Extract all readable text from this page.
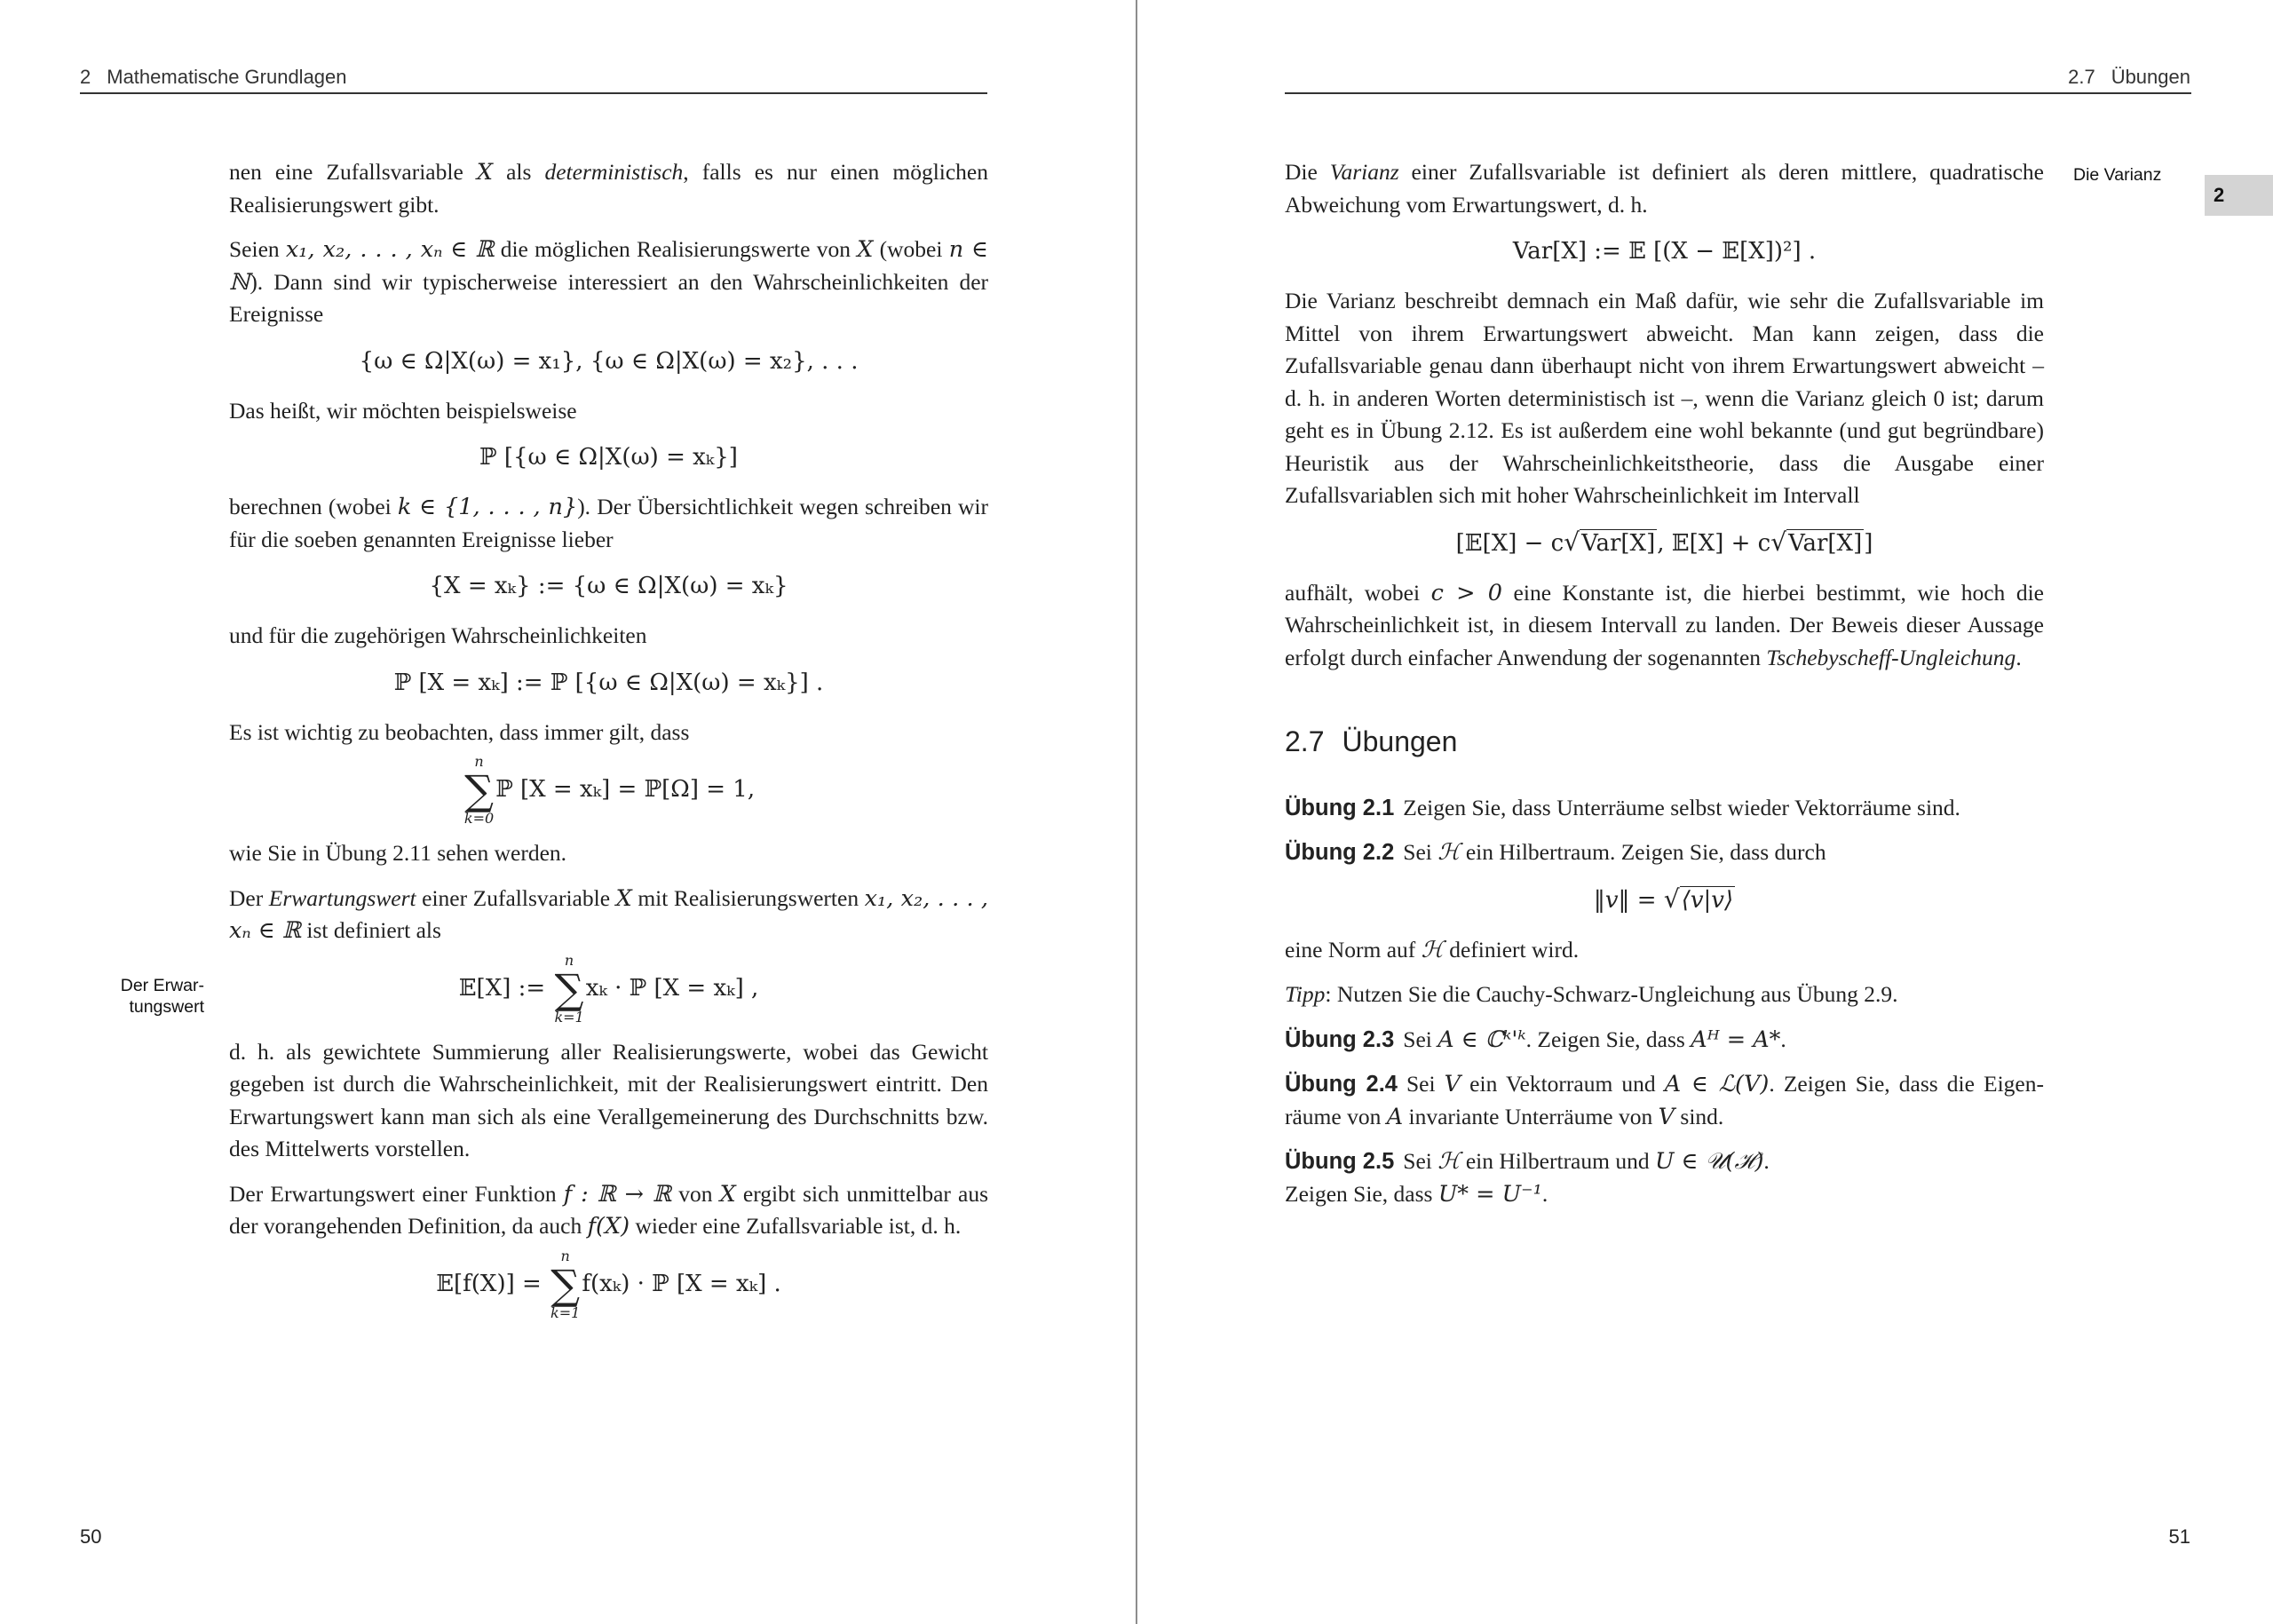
2 Mathematische Grundlagen
Der Erwar-
tungswert

nen eine Zufallsvariable X als deterministisch, falls es nur einen möglichen Realisierungswert gibt.

Seien x₁, x₂, . . . , xₙ ∈ ℝ die möglichen Realisierungswerte von X (wobei n ∈ ℕ). Dann sind wir typischerweise interessiert an den Wahrscheinlichkeiten der Ereignisse

{ω ∈ Ω|X(ω) = x₁}, {ω ∈ Ω|X(ω) = x₂}, . . .

Das heißt, wir möchten beispielsweise

ℙ [{ω ∈ Ω|X(ω) = xₖ}]

berechnen (wobei k ∈ {1, . . . , n}). Der Übersichtlichkeit wegen schreiben wir für die soeben genannten Ereignisse lieber

{X = xₖ} := {ω ∈ Ω|X(ω) = xₖ}

und für die zugehörigen Wahrscheinlichkeiten

ℙ [X = xₖ] := ℙ [{ω ∈ Ω|X(ω) = xₖ}] .

Es ist wichtig zu beobachten, dass immer gilt, dass

n
∑
k=0
ℙ [X = xₖ] = ℙ[Ω] = 1,

wie Sie in Übung 2.11 sehen werden.

Der Erwartungswert einer Zufallsvariable X mit Realisierungswerten x₁, x₂, . . . , xₙ ∈ ℝ ist definiert als

𝔼[X] :=
n
∑
k=1
xₖ · ℙ [X = xₖ] ,

d. h. als gewichtete Summierung aller Realisierungswerte, wobei das Gewicht gegeben ist durch die Wahrscheinlichkeit, mit der Realisierungswert eintritt. Den Erwartungswert kann man sich als eine Verallgemeinerung des Durchschnitts bzw. des Mittelwerts vorstellen.

Der Erwartungswert einer Funktion f : ℝ → ℝ von X ergibt sich unmittelbar aus der vorangehenden Definition, da auch f(X) wieder eine Zufallsvariable ist, d. h.

𝔼[f(X)] =
n
∑
k=1
f(xₖ) · ℙ [X = xₖ] .
50
2.7 Übungen
2
Die Varianz

Die Varianz einer Zufallsvariable ist definiert als deren mittlere, quadratische Abweichung vom Erwartungswert, d. h.

Var[X] := 𝔼 [(X − 𝔼[X])²] .

Die Varianz beschreibt demnach ein Maß dafür, wie sehr die Zufallsvariable im Mittel von ihrem Erwartungswert abweicht. Man kann zeigen, dass die Zufallsvariable genau dann überhaupt nicht von ihrem Erwartungswert abweicht – d. h. in anderen Worten deterministisch ist –, wenn die Varianz gleich 0 ist; darum geht es in Übung 2.12. Es ist außerdem eine wohl bekannte (und gut begründbare) Heuristik aus der Wahrscheinlichkeitstheorie, dass die Ausgabe einer Zufallsvariablen sich mit hoher Wahrscheinlichkeit im Intervall

[𝔼[X] − c√Var[X], 𝔼[X] + c√Var[X]]

aufhält, wobei c > 0 eine Konstante ist, die hierbei bestimmt, wie hoch die Wahrscheinlichkeit ist, in diesem Intervall zu landen. Der Beweis dieser Aussage erfolgt durch einfacher Anwendung der sogenannten Tschebyscheff-Ungleichung.

2.7 Übungen

Übung 2.1 Zeigen Sie, dass Unterräume selbst wieder Vektorräume sind.

Übung 2.2 Sei ℋ ein Hilbertraum. Zeigen Sie, dass durch

‖v‖ = √⟨v|v⟩

eine Norm auf ℋ definiert wird.

Tipp: Nutzen Sie die Cauchy-Schwarz-Ungleichung aus Übung 2.9.

Übung 2.3 Sei A ∈ ℂᵏ'ᵏ. Zeigen Sie, dass Aᴴ = A*.

Übung 2.4 Sei V ein Vektorraum und A ∈ ℒ(V). Zeigen Sie, dass die Eigenräume von A invariante Unterräume von V sind.

Übung 2.5 Sei ℋ ein Hilbertraum und U ∈ 𝒰(ℋ).
Zeigen Sie, dass U* = U⁻¹.

51
